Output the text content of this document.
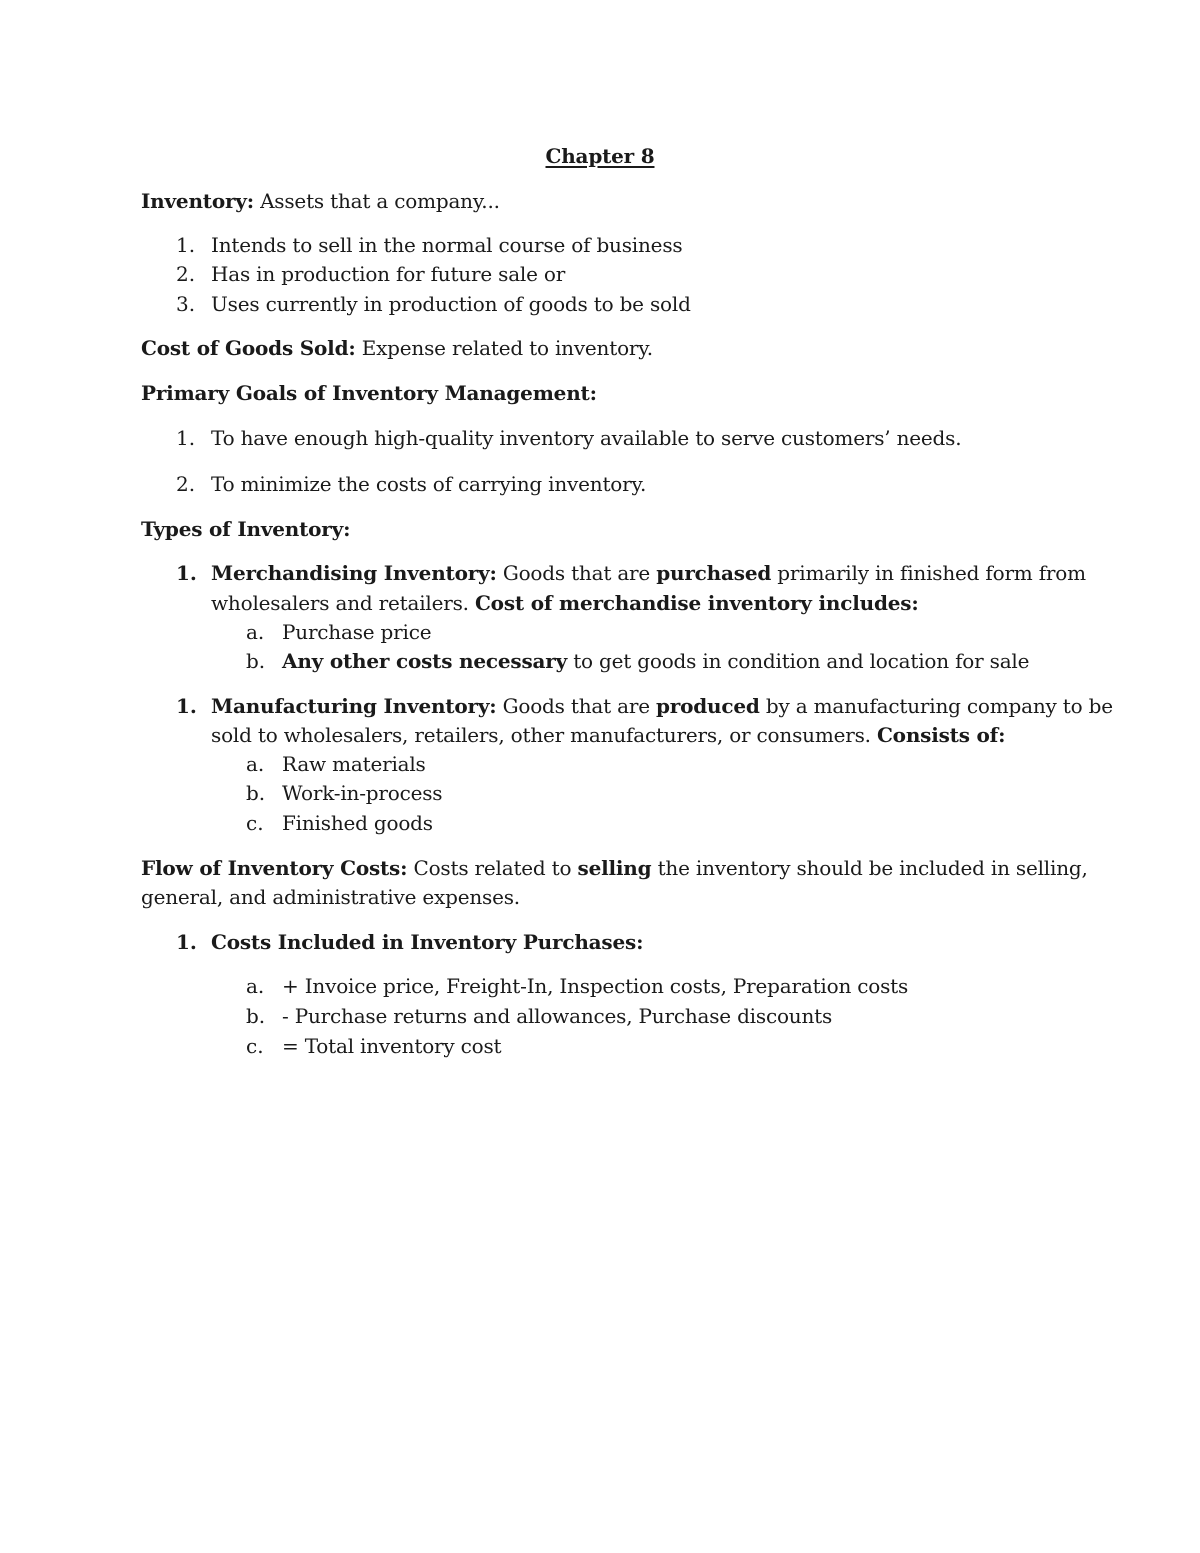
Chapter 8
Inventory: Assets that a company...
1. Intends to sell in the normal course of business
2. Has in production for future sale or
3. Uses currently in production of goods to be sold
Cost of Goods Sold: Expense related to inventory.
Primary Goals of Inventory Management:
1. To have enough high-quality inventory available to serve customers’ needs.
2. To minimize the costs of carrying inventory.
Types of Inventory:
1. Merchandising Inventory: Goods that are purchased primarily in finished form from
wholesalers and retailers. Cost of merchandise inventory includes:
a. Purchase price
b. Any other costs necessary to get goods in condition and location for sale
1. Manufacturing Inventory: Goods that are produced by a manufacturing company to be
sold to wholesalers, retailers, other manufacturers, or consumers. Consists of:
a. Raw materials
b. Work-in-process
c. Finished goods
Flow of Inventory Costs: Costs related to selling the inventory should be included in selling,
general, and administrative expenses.
1. Costs Included in Inventory Purchases:
a. + Invoice price, Freight-In, Inspection costs, Preparation costs
b. - Purchase returns and allowances, Purchase discounts
c. = Total inventory cost
